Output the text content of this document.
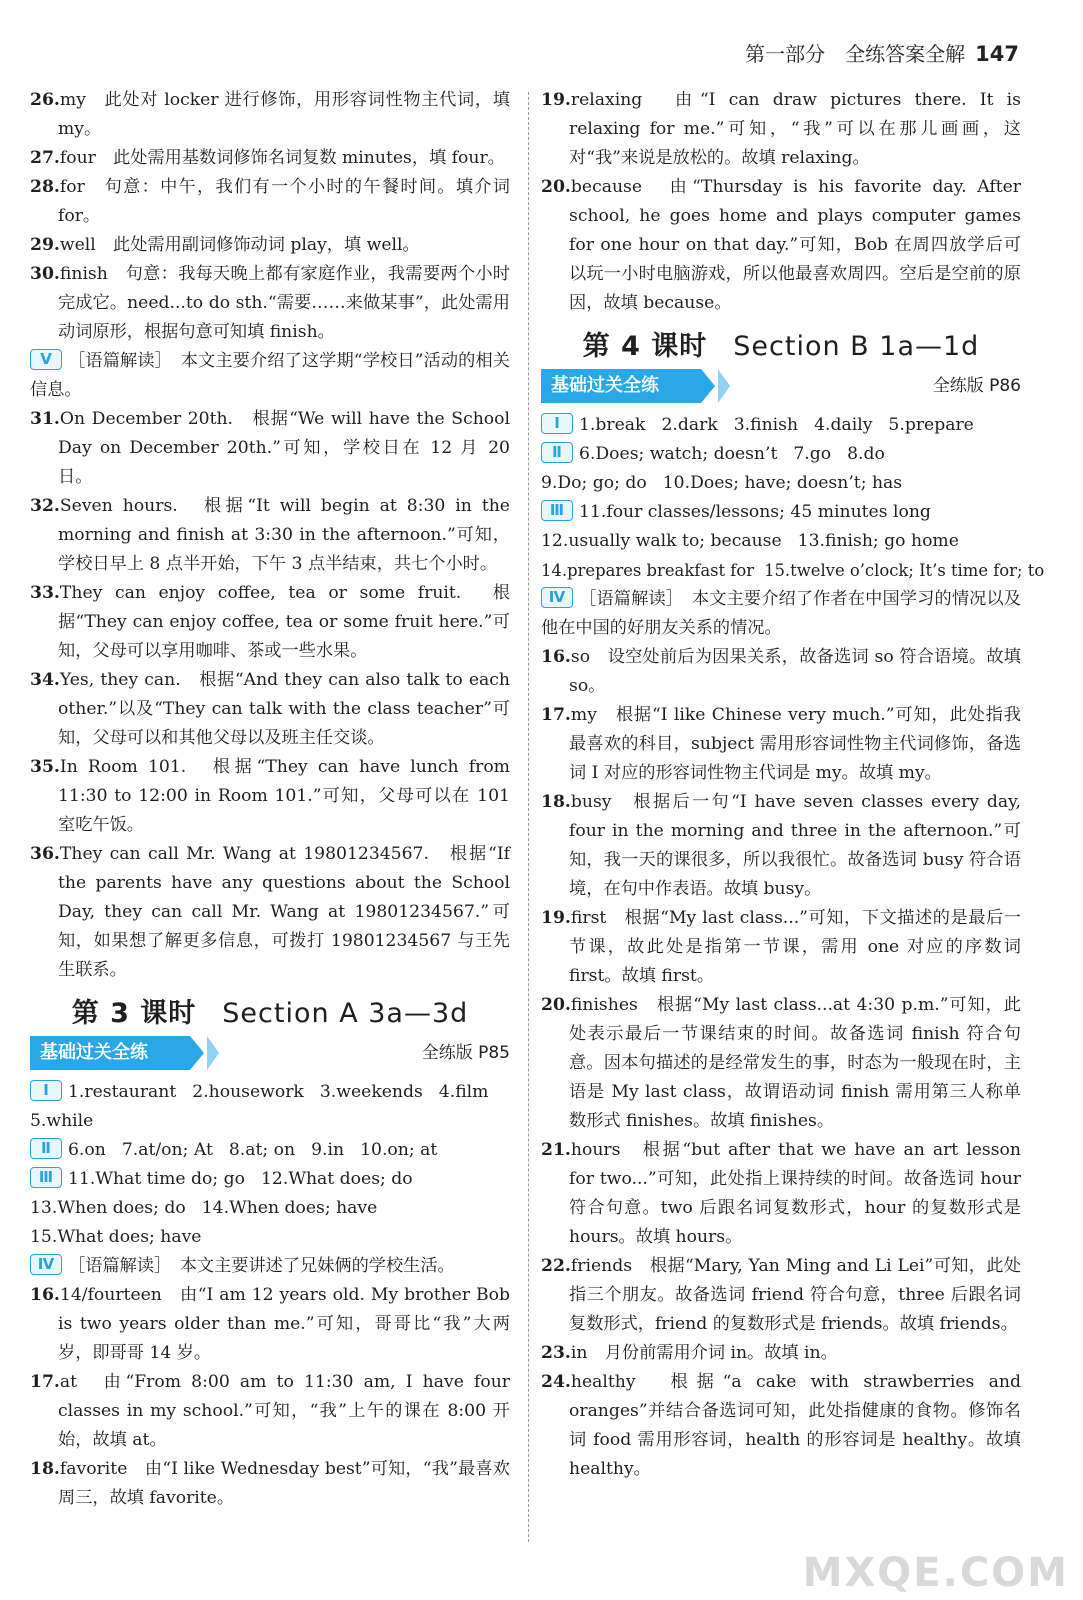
第一部分　全练答案全解 147

26.my　 此处对 locker 进行修饰，用形容词性物主代词，填 my。

27.four　 此处需用基数词修饰名词复数 minutes，填 four。

28.for　 句意：中午，我们有一个小时的午餐时间。填介词 for。

29.well　 此处需用副词修饰动词 play，填 well。

30.finish　 句意：我每天晚上都有家庭作业，我需要两个小时完成它。need...to do sth.“需要……来做某事”，此处需用动词原形，根据句意可知填 finish。

Ⅴ ［语篇解读］　 本文主要介绍了这学期“学校日”活动的相关信息。

31.On December 20th.　 根据“We will have the School Day on December 20th.”可知，学校日在 12 月 20 日。

32.Seven hours.　 根据“It will begin at 8:30 in the morning and finish at 3:30 in the afternoon.”可知，学校日早上 8 点半开始，下午 3 点半结束，共七个小时。

33.They can enjoy coffee, tea or some fruit.　 根据“They can enjoy coffee, tea or some fruit here.”可知，父母可以享用咖啡、茶或一些水果。

34.Yes, they can.　 根据“And they can also talk to each other.”以及“They can talk with the class teacher”可知，父母可以和其他父母以及班主任交谈。

35.In Room 101.　 根据“They can have lunch from 11:30 to 12:00 in Room 101.”可知，父母可以在 101 室吃午饭。

36.They can call Mr. Wang at 19801234567.　 根据“If the parents have any questions about the School Day, they can call Mr. Wang at 19801234567.”可知，如果想了解更多信息，可拨打 19801234567 与王先生联系。

第 3 课时 Section A 3a—3d
基础过关全练	全练版 P85

Ⅰ 1.restaurant 2.housework 3.weekends 4.film

5.while

Ⅱ 6.on 7.at/on; At 8.at; on 9.in 10.on; at

Ⅲ 11.What time do; go 12.What does; do

13.When does; do 14.When does; have

15.What does; have

Ⅳ ［语篇解读］　 本文主要讲述了兄妹俩的学校生活。

16.14/fourteen　 由“I am 12 years old. My brother Bob is two years older than me.”可知，哥哥比“我”大两岁，即哥哥 14 岁。

17.at　 由“From 8:00 am to 11:30 am, I have four classes in my school.”可知，“我”上午的课在 8:00 开始，故填 at。

18.favorite　 由“I like Wednesday best”可知，“我”最喜欢周三，故填 favorite。

19.relaxing　 由“I can draw pictures there. It is relaxing for me.”可知，“我”可以在那儿画画，这对“我”来说是放松的。故填 relaxing。

20.because　 由“Thursday is his favorite day. After school, he goes home and plays computer games for one hour on that day.”可知，Bob 在周四放学后可以玩一小时电脑游戏，所以他最喜欢周四。空后是空前的原因，故填 because。

第 4 课时 Section B 1a—1d
基础过关全练	全练版 P86

Ⅰ 1.break 2.dark 3.finish 4.daily 5.prepare

Ⅱ 6.Does; watch; doesn’t 7.go 8.do

9.Do; go; do 10.Does; have; doesn’t; has

Ⅲ 11.four classes/lessons; 45 minutes long

12.usually walk to; because 13.finish; go home

14.prepares breakfast for 15.twelve o’clock; It’s time for; to

Ⅳ ［语篇解读］　 本文主要介绍了作者在中国学习的情况以及他在中国的好朋友关系的情况。

16.so　 设空处前后为因果关系，故备选词 so 符合语境。故填 so。

17.my　 根据“I like Chinese very much.”可知，此处指我最喜欢的科目，subject 需用形容词性物主代词修饰，备选词 I 对应的形容词性物主代词是 my。故填 my。

18.busy　 根据后一句“I have seven classes every day, four in the morning and three in the afternoon.”可知，我一天的课很多，所以我很忙。故备选词 busy 符合语境，在句中作表语。故填 busy。

19.first　 根据“My last class...”可知，下文描述的是最后一节课，故此处是指第一节课，需用 one 对应的序数词 first。故填 first。

20.finishes　 根据“My last class...at 4:30 p.m.”可知，此处表示最后一节课结束的时间。故备选词 finish 符合句意。因本句描述的是经常发生的事，时态为一般现在时，主语是 My last class，故谓语动词 finish 需用第三人称单数形式 finishes。故填 finishes。

21.hours　 根据“but after that we have an art lesson for two...”可知，此处指上课持续的时间。故备选词 hour 符合句意。two 后跟名词复数形式，hour 的复数形式是 hours。故填 hours。

22.friends　 根据“Mary, Yan Ming and Li Lei”可知，此处指三个朋友。故备选词 friend 符合句意，three 后跟名词复数形式，friend 的复数形式是 friends。故填 friends。

23.in　 月份前需用介词 in。故填 in。

24.healthy　 根据“a cake with strawberries and oranges”并结合备选词可知，此处指健康的食物。修饰名词 food 需用形容词，health 的形容词是 healthy。故填 healthy。

MXQE.COM
